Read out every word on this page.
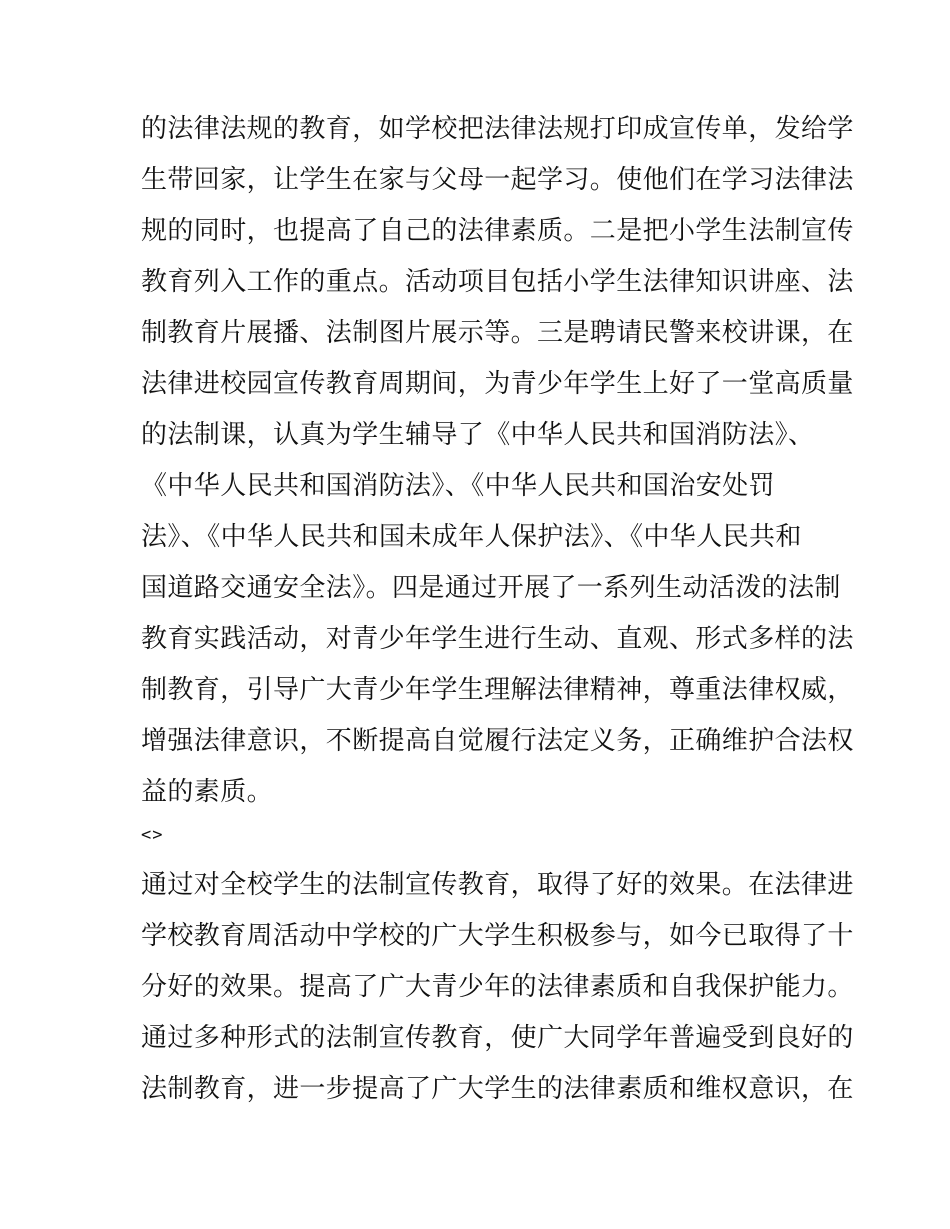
的法律法规的教育，如学校把法律法规打印成宣传单，发给学
生带回家，让学生在家与父母一起学习。使他们在学习法律法
规的同时，也提高了自己的法律素质。二是把小学生法制宣传
教育列入工作的重点。活动项目包括小学生法律知识讲座、法
制教育片展播、法制图片展示等。三是聘请民警来校讲课，在
法律进校园宣传教育周期间，为青少年学生上好了一堂高质量
的法制课，认真为学生辅导了《中华人民共和国消防法》、
《中华人民共和国消防法》、《中华人民共和国治安处罚
法》、《中华人民共和国未成年人保护法》、《中华人民共和
国道路交通安全法》。四是通过开展了一系列生动活泼的法制
教育实践活动，对青少年学生进行生动、直观、形式多样的法
制教育，引导广大青少年学生理解法律精神，尊重法律权威，
增强法律意识，不断提高自觉履行法定义务，正确维护合法权
益的素质。
<>
通过对全校学生的法制宣传教育，取得了好的效果。在法律进
学校教育周活动中学校的广大学生积极参与，如今已取得了十
分好的效果。提高了广大青少年的法律素质和自我保护能力。
通过多种形式的法制宣传教育，使广大同学年普遍受到良好的
法制教育，进一步提高了广大学生的法律素质和维权意识，在
